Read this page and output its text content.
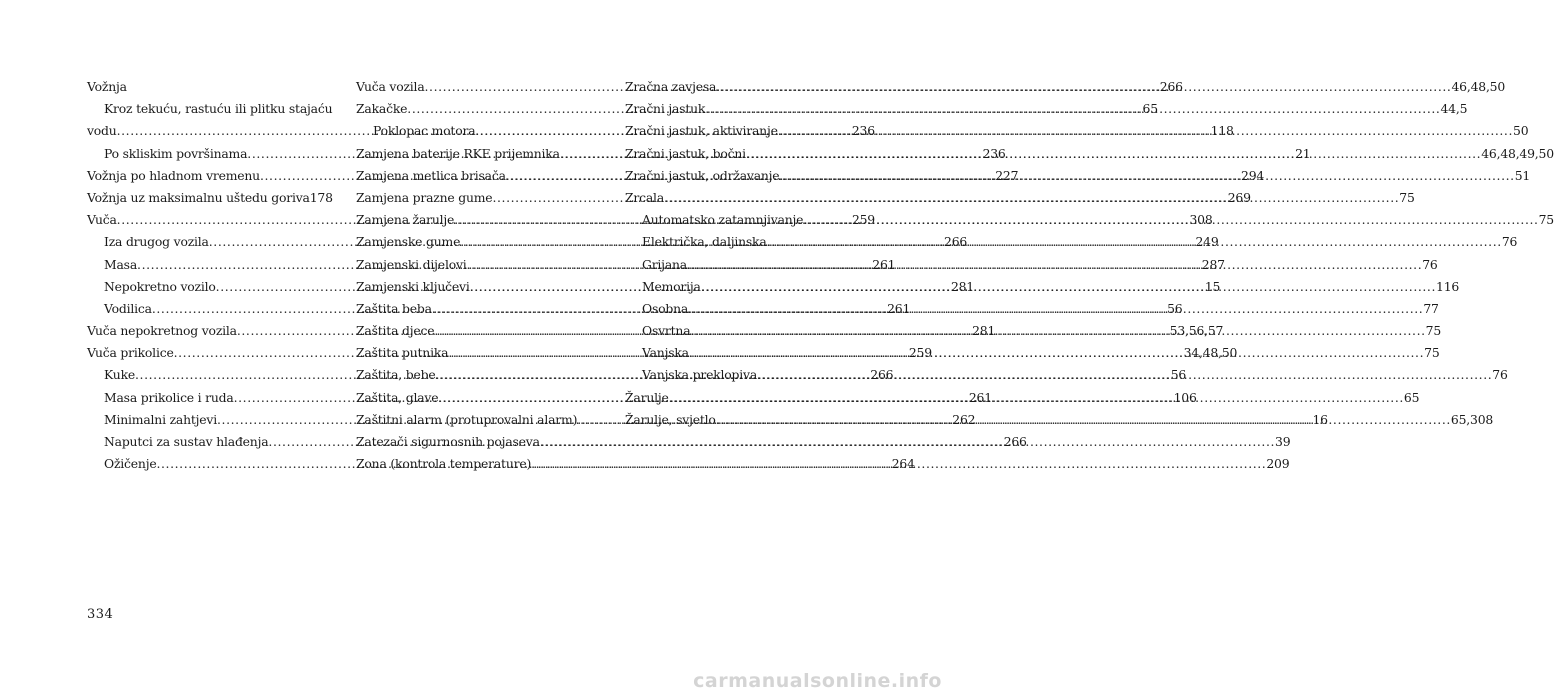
Vožnja
Kroz tekuću, rastuću ili plitku stajaću
vodu .....	236
Po skliskim površinama .....	236
Vožnja po hladnom vremenu .....	227
Vožnja uz maksimalnu uštedu goriva 178
Vuča .....	259
Iza drugog vozila .....	266
Masa .....	261
Nepokretno vozilo .....	281
Vodilica .....	261
Vuča nepokretnog vozila .....	281
Vuča prikolice .....	259
Kuke .....	266
Masa prikolice i ruda .....	261
Minimalni zahtjevi .....	262
Naputci za sustav hlađenja .....	266
Ožičenje .....	264
Vuča vozila .....	266
Zakačke .....	65
Poklopac motora .....	118
Zamjena baterije RKE prijemnika .....	21
Zamjena metlica brisača .....	294
Zamjena prazne gume .....	269
Zamjena žarulje .....	308
Zamjenske gume .....	249
Zamjenski dijelovi .....	287
Zamjenski ključevi .....	15
Zaštita beba .....	56
Zaštita djece .....	53,56,57
Zaštita putnika .....	34,48,50
Zaštita, bebe .....	56
Zaštita, glave .....	106
Zaštitni alarm (protuprovalni alarm) .....	16
Zatezači sigurnosnih pojaseva .....	39
Zona (kontrola temperature) .....	209
Zračna zavjesa .....	46,48,50
Zračni jastuk .....	44,5
Zračni jastuk, aktiviranje .....	50
Zračni jastuk, bočni .....	46,48,49,50
Zračni jastuk, održavanje .....	51
Zrcala .....	75
Automatsko zatamnjivanje .....	75
Električka, daljinska .....	76
Grijana .....	76
Memorija .....	116
Osobna .....	77
Osvrtna .....	75
Vanjska .....	75
Vanjska preklopiva .....	76
Žarulje .....	65
Žarulje, svjetlo .....	65,308
334
carmanualsonline.info
